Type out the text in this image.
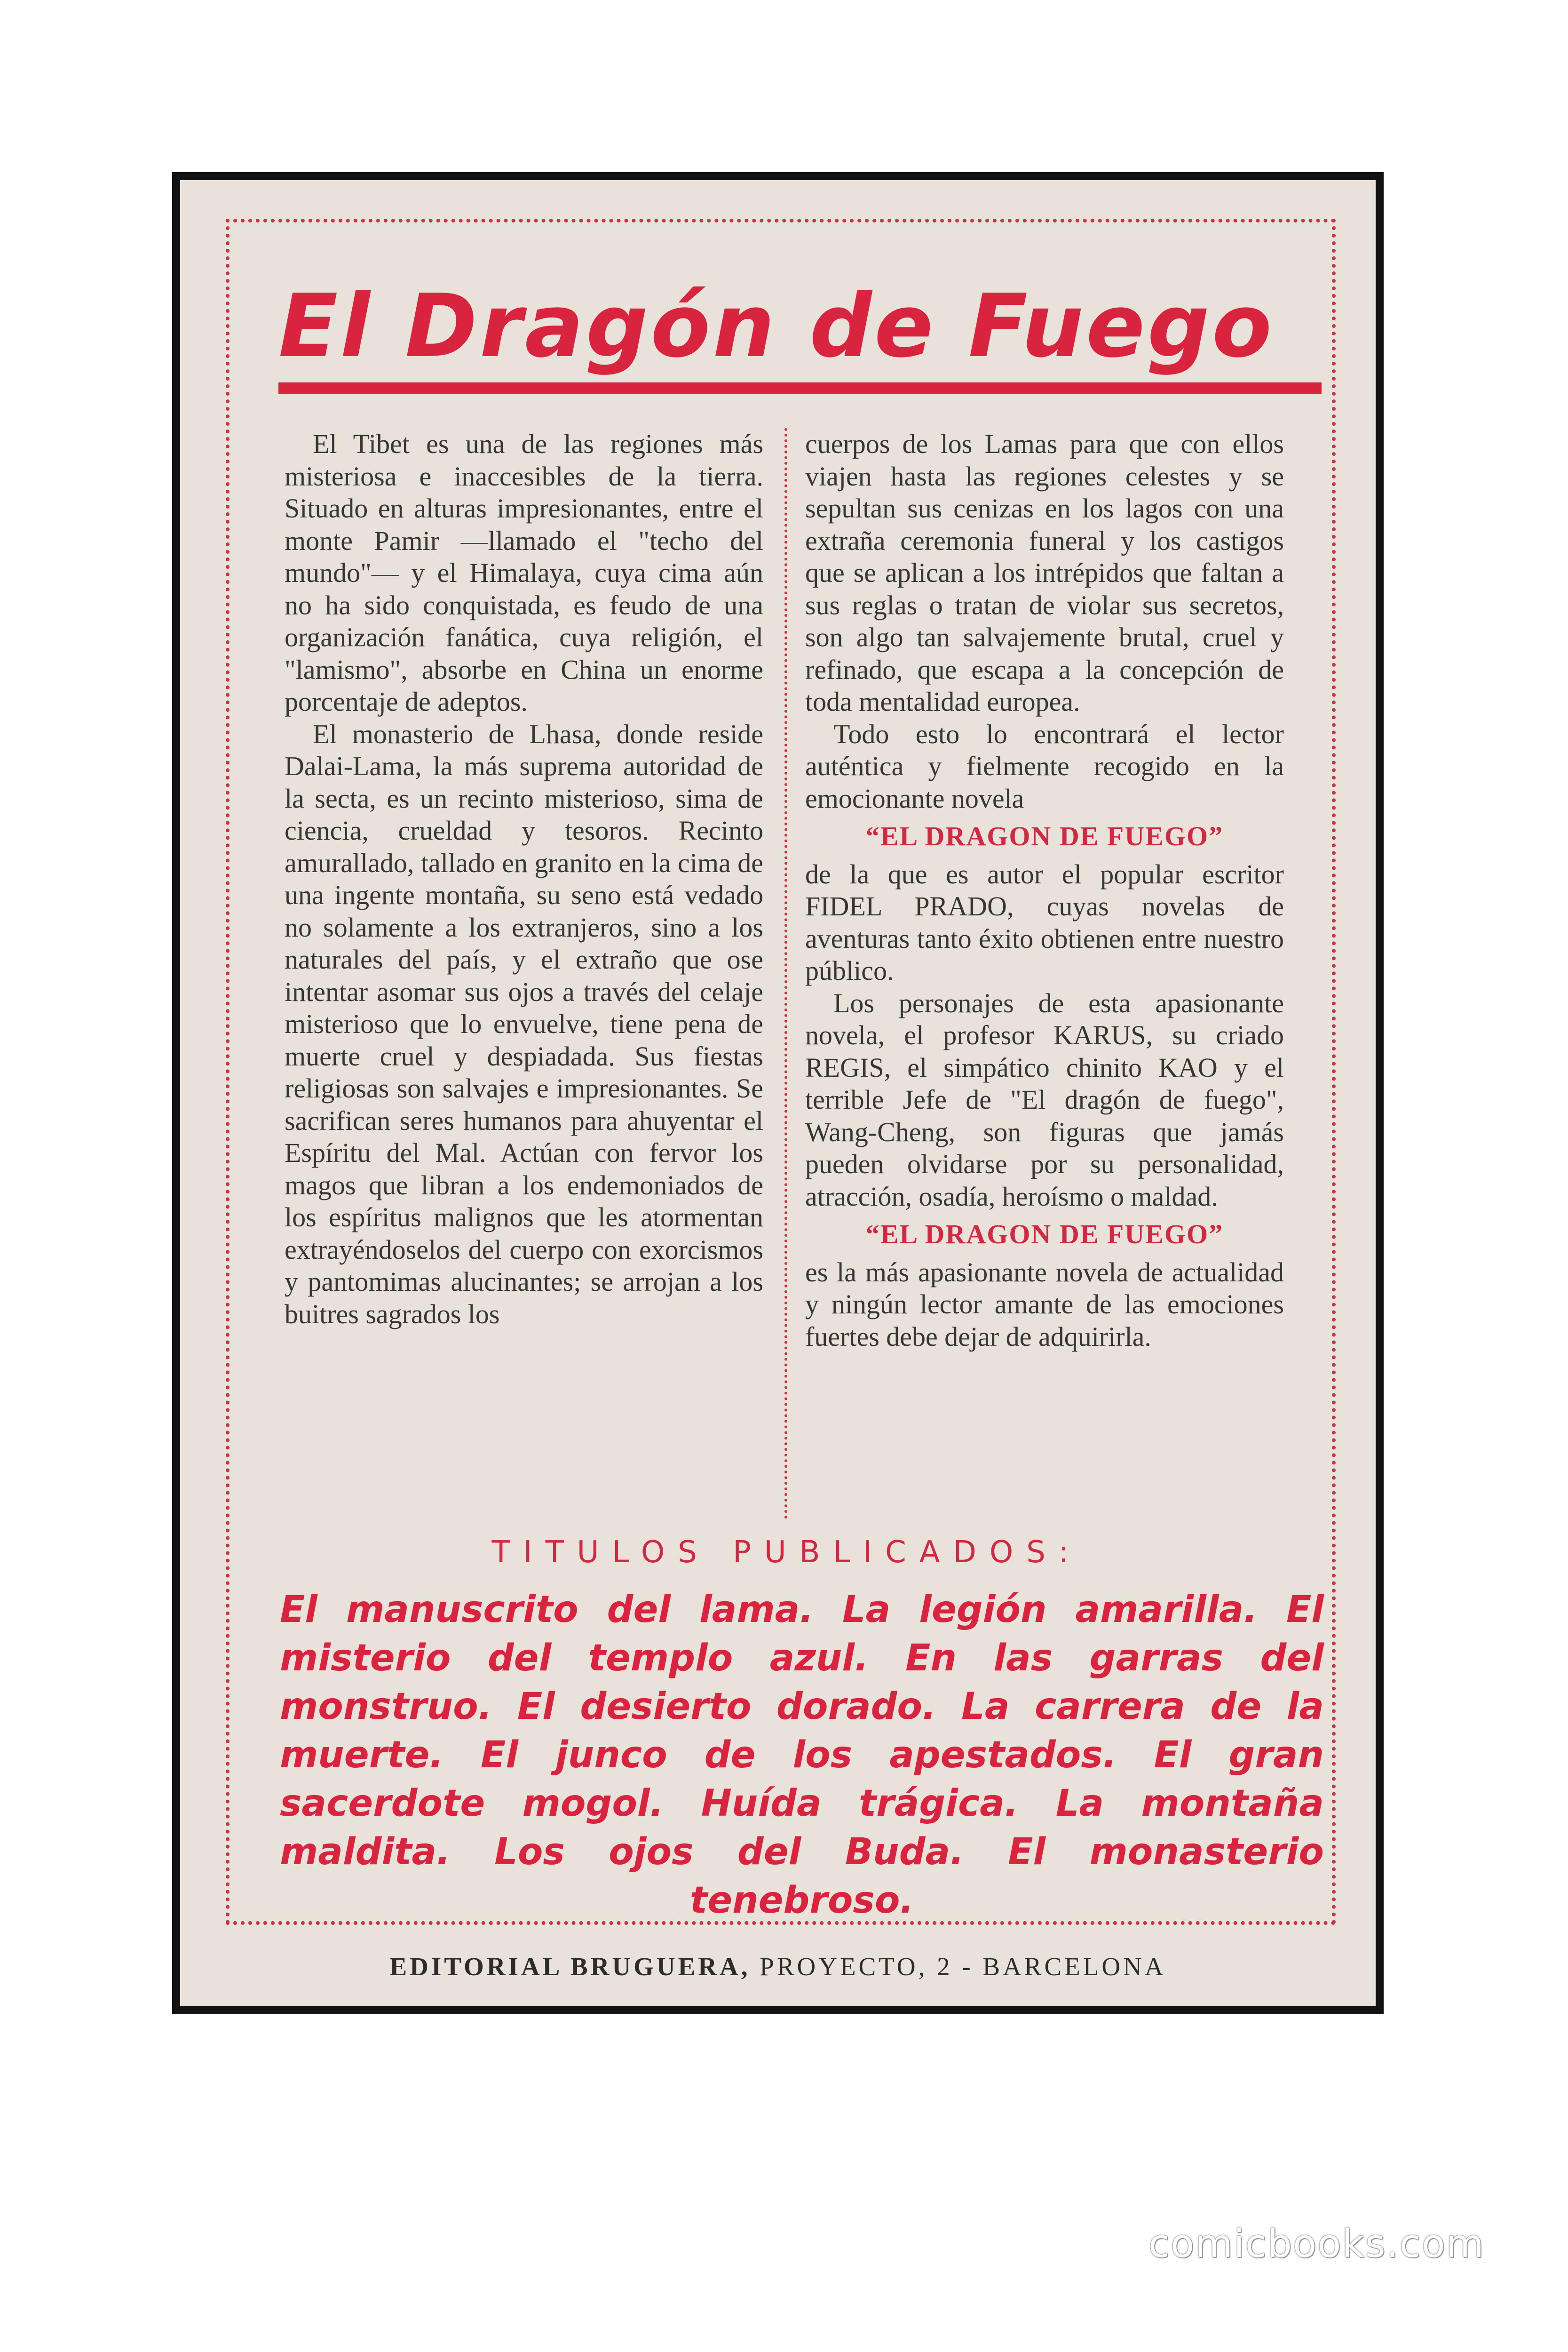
El Dragón de Fuego

El Tibet es una de las regiones más misteriosa e inaccesibles de la tierra. Situado en alturas impresionantes, entre el monte Pamir —llamado el "techo del mundo"— y el Himalaya, cuya cima aún no ha sido conquistada, es feudo de una organización fanática, cuya religión, el "lamismo", absorbe en China un enorme porcentaje de adeptos.

El monasterio de Lhasa, donde reside Dalai-Lama, la más suprema autoridad de la secta, es un recinto misterioso, sima de ciencia, crueldad y tesoros. Recinto amurallado, tallado en granito en la cima de una ingente montaña, su seno está vedado no solamente a los extranjeros, sino a los naturales del país, y el extraño que ose intentar asomar sus ojos a través del celaje misterioso que lo envuelve, tiene pena de muerte cruel y despiadada. Sus fiestas religiosas son salvajes e impresionantes. Se sacrifican seres humanos para ahuyentar el Espíritu del Mal. Actúan con fervor los magos que libran a los endemoniados de los espíritus malignos que les atormentan extrayéndoselos del cuerpo con exorcismos y pantomimas alucinantes; se arrojan a los buitres sagrados los

cuerpos de los Lamas para que con ellos viajen hasta las regiones celestes y se sepultan sus cenizas en los lagos con una extraña ceremonia funeral y los castigos que se aplican a los intrépidos que faltan a sus reglas o tratan de violar sus secretos, son algo tan salvajemente brutal, cruel y refinado, que escapa a la concepción de toda mentalidad europea.

Todo esto lo encontrará el lector auténtica y fielmente recogido en la emocionante novela

“EL DRAGON DE FUEGO”

de la que es autor el popular escritor FIDEL PRADO, cuyas novelas de aventuras tanto éxito obtienen entre nuestro público.

Los personajes de esta apasionante novela, el profesor KARUS, su criado REGIS, el simpático chinito KAO y el terrible Jefe de "El dragón de fuego", Wang-Cheng, son figuras que jamás pueden olvidarse por su personalidad, atracción, osadía, heroísmo o maldad.

“EL DRAGON DE FUEGO”

es la más apasionante novela de actualidad y ningún lector amante de las emociones fuertes debe dejar de adquirirla.

TITULOS PUBLICADOS:

El manuscrito del lama. La legión amarilla. El misterio del templo azul. En las garras del monstruo. El desierto dorado. La carrera de la muerte. El junco de los apestados. El gran sacerdote mogol. Huída trágica. La montaña maldita. Los ojos del Buda. El monasterio tenebroso.

EDITORIAL BRUGUERA, PROYECTO, 2 - BARCELONA
comicbooks.com
